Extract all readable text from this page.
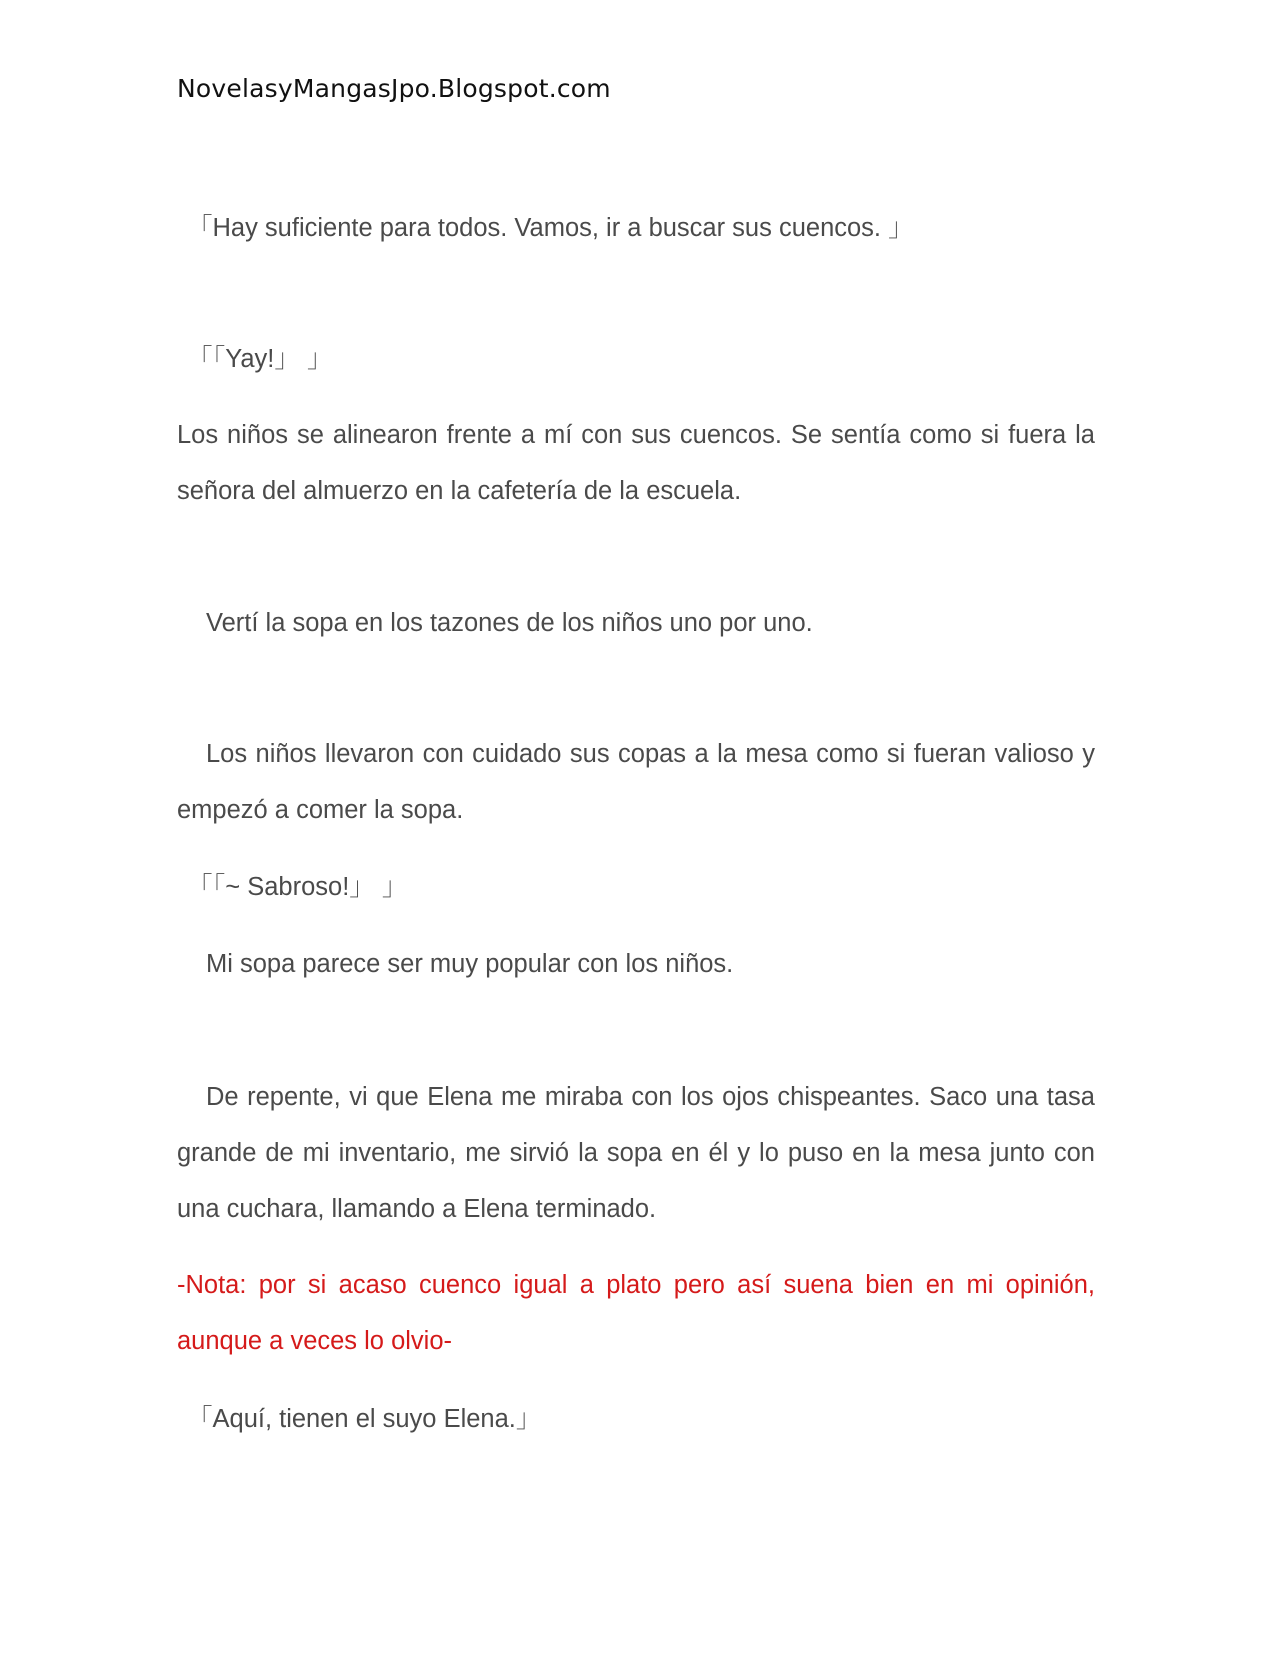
NovelasyMangasJpo.Blogspot.com

「Hay suficiente para todos. Vamos, ir a buscar sus cuencos. 」

「「Yay!」 」

Los niños se alinearon frente a mí con sus cuencos. Se sentía como si fuera la señora del almuerzo en la cafetería de la escuela.

Vertí la sopa en los tazones de los niños uno por uno.

Los niños llevaron con cuidado sus copas a la mesa como si fueran valioso y empezó a comer la sopa.

「「~ Sabroso!」 」

Mi sopa parece ser muy popular con los niños.

De repente, vi que Elena me miraba con los ojos chispeantes. Saco una tasa grande de mi inventario, me sirvió la sopa en él y lo puso en la mesa junto con una cuchara, llamando a Elena terminado.

-Nota: por si acaso cuenco igual a plato pero así suena bien en mi opinión, aunque a veces lo olvio-

「Aquí, tienen el suyo Elena.」
